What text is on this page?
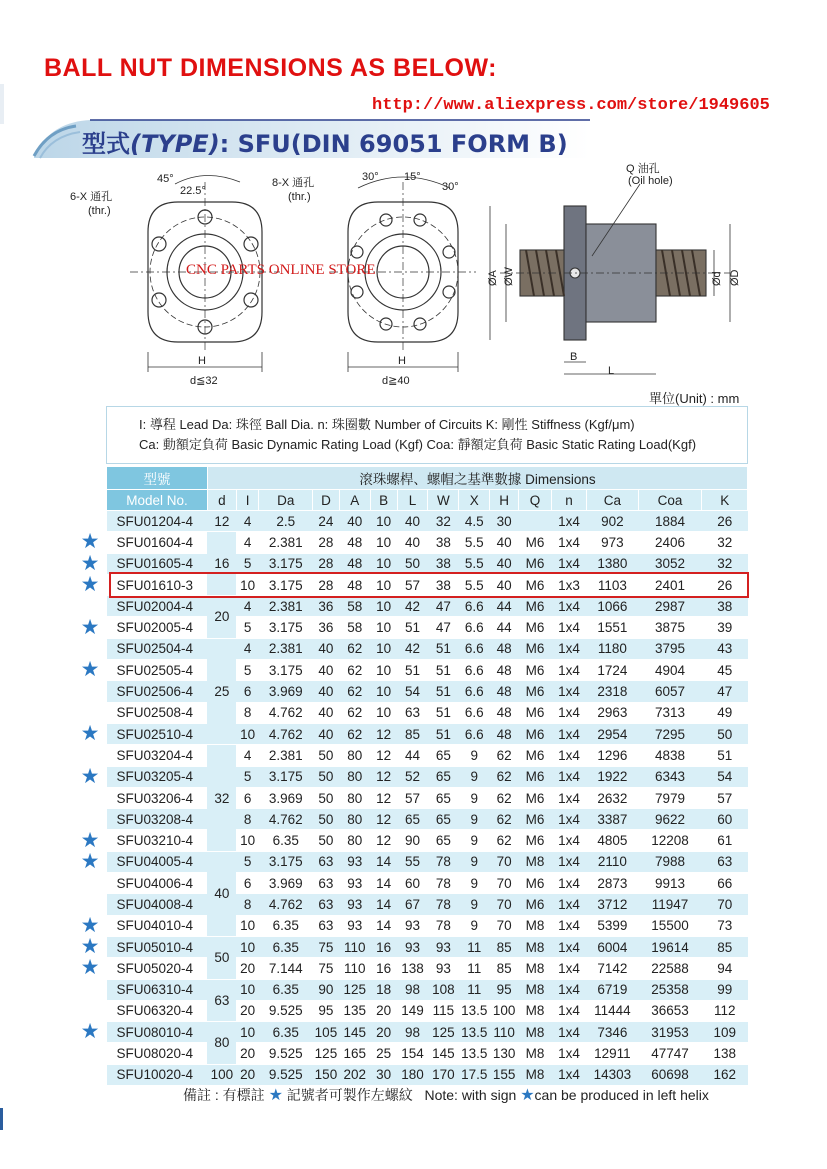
BALL NUT DIMENSIONS AS BELOW:
http://www.aliexpress.com/store/1949605
型式(TYPE): SFU(DIN 69051 FORM B)
6-X 通孔
(thr.)
45°
22.5°
H
d≦32
8-X 通孔
(thr.)
30° 15°
30°
H
d≧40
Q 油孔
(Oil hole)
ØA ØW	Ød ØD
B
L
CNC PARTS ONLINE STORE
單位(Unit) : mm
I: 導程 Lead Da: 珠徑 Ball Dia. n: 珠圈數 Number of Circuits K: 剛性 Stiffness (Kgf/μm)
Ca: 動額定負荷 Basic Dynamic Rating Load (Kgf) Coa: 靜額定負荷 Basic Static Rating Load(Kgf)
型號	滾珠螺桿、螺帽之基準數據 Dimensions														
Model No.	d	I	Da	D	A	B	L	W	X	H	Q	n	Ca	Coa	K
SFU01204-4	12	4	2.5	24	40	10	40	32	4.5	30		1x4	902	1884	26
SFU01604-4	16	4	2.381	28	48	10	40	38	5.5	40	M6	1x4	973	2406	32
SFU01605-4		5	3.175	28	48	10	50	38	5.5	40	M6	1x4	1380	3052	32
SFU01610-3		10	3.175	28	48	10	57	38	5.5	40	M6	1x3	1103	2401	26
SFU02004-4	20	4	2.381	36	58	10	42	47	6.6	44	M6	1x4	1066	2987	38
SFU02005-4		5	3.175	36	58	10	51	47	6.6	44	M6	1x4	1551	3875	39
SFU02504-4	25	4	2.381	40	62	10	42	51	6.6	48	M6	1x4	1180	3795	43
SFU02505-4		5	3.175	40	62	10	51	51	6.6	48	M6	1x4	1724	4904	45
SFU02506-4		6	3.969	40	62	10	54	51	6.6	48	M6	1x4	2318	6057	47
SFU02508-4		8	4.762	40	62	10	63	51	6.6	48	M6	1x4	2963	7313	49
SFU02510-4		10	4.762	40	62	12	85	51	6.6	48	M6	1x4	2954	7295	50
SFU03204-4	32	4	2.381	50	80	12	44	65	9	62	M6	1x4	1296	4838	51
SFU03205-4		5	3.175	50	80	12	52	65	9	62	M6	1x4	1922	6343	54
SFU03206-4		6	3.969	50	80	12	57	65	9	62	M6	1x4	2632	7979	57
SFU03208-4		8	4.762	50	80	12	65	65	9	62	M6	1x4	3387	9622	60
SFU03210-4		10	6.35	50	80	12	90	65	9	62	M6	1x4	4805	12208	61
SFU04005-4	40	5	3.175	63	93	14	55	78	9	70	M8	1x4	2110	7988	63
SFU04006-4		6	3.969	63	93	14	60	78	9	70	M6	1x4	2873	9913	66
SFU04008-4		8	4.762	63	93	14	67	78	9	70	M6	1x4	3712	11947	70
SFU04010-4		10	6.35	63	93	14	93	78	9	70	M8	1x4	5399	15500	73
SFU05010-4	50	10	6.35	75	110	16	93	93	11	85	M8	1x4	6004	19614	85
SFU05020-4		20	7.144	75	110	16	138	93	11	85	M8	1x4	7142	22588	94
SFU06310-4	63	10	6.35	90	125	18	98	108	11	95	M8	1x4	6719	25358	99
SFU06320-4		20	9.525	95	135	20	149	115	13.5	100	M8	1x4	11444	36653	112
SFU08010-4	80	10	6.35	105	145	20	98	125	13.5	110	M8	1x4	7346	31953	109
SFU08020-4		20	9.525	125	165	25	154	145	13.5	130	M8	1x4	12911	47747	138
SFU10020-4	100	20	9.525	150	202	30	180	170	17.5	155	M8	1x4	14303	60698	162
★
★
★
★
★
★
★
★
★
★
★
★
★
備註 : 有標註 ★ 記號者可製作左螺紋 Note: with sign ★can be produced in left helix
